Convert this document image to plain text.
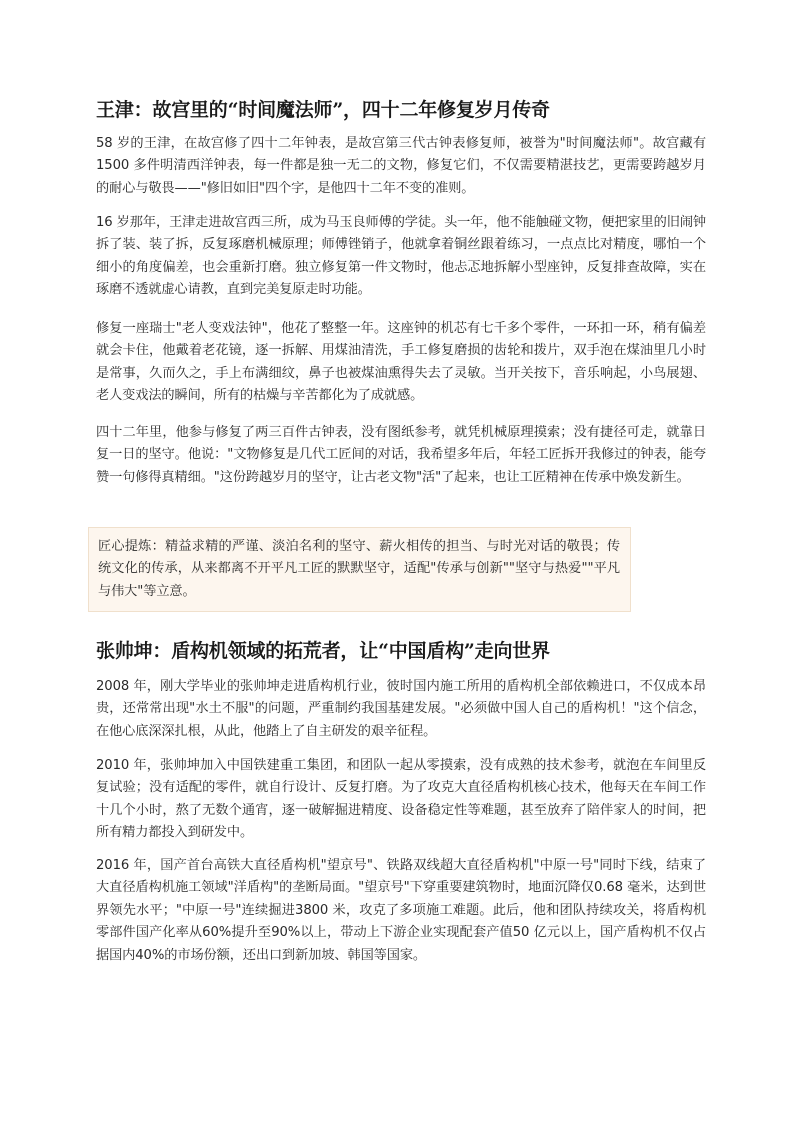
王津：故宫里的“时间魔法师”，四十二年修复岁月传奇

58 岁的王津，在故宫修了四十二年钟表，是故宫第三代古钟表修复师，被誉为"时间魔法师"。故宫藏有1500 多件明清西洋钟表，每一件都是独一无二的文物，修复它们，不仅需要精湛技艺，更需要跨越岁月的耐心与敬畏——"修旧如旧"四个字，是他四十二年不变的准则。

16 岁那年，王津走进故宫西三所，成为马玉良师傅的学徒。头一年，他不能触碰文物，便把家里的旧闹钟拆了装、装了拆，反复琢磨机械原理；师傅锉销子，他就拿着铜丝跟着练习，一点点比对精度，哪怕一个细小的角度偏差，也会重新打磨。独立修复第一件文物时，他忐忑地拆解小型座钟，反复排查故障，实在琢磨不透就虚心请教，直到完美复原走时功能。

修复一座瑞士"老人变戏法钟"，他花了整整一年。这座钟的机芯有七千多个零件，一环扣一环，稍有偏差就会卡住，他戴着老花镜，逐一拆解、用煤油清洗，手工修复磨损的齿轮和拨片，双手泡在煤油里几小时是常事，久而久之，手上布满细纹，鼻子也被煤油熏得失去了灵敏。当开关按下，音乐响起，小鸟展翅、老人变戏法的瞬间，所有的枯燥与辛苦都化为了成就感。

四十二年里，他参与修复了两三百件古钟表，没有图纸参考，就凭机械原理摸索；没有捷径可走，就靠日复一日的坚守。他说："文物修复是几代工匠间的对话，我希望多年后，年轻工匠拆开我修过的钟表，能夸赞一句修得真精细。"这份跨越岁月的坚守，让古老文物"活"了起来，也让工匠精神在传承中焕发新生。

匠心提炼：精益求精的严谨、淡泊名利的坚守、薪火相传的担当、与时光对话的敬畏；传统文化的传承，从来都离不开平凡工匠的默默坚守，适配"传承与创新""坚守与热爱""平凡与伟大"等立意。

张帅坤：盾构机领域的拓荒者，让“中国盾构”走向世界

2008 年，刚大学毕业的张帅坤走进盾构机行业，彼时国内施工所用的盾构机全部依赖进口，不仅成本昂贵，还常常出现"水土不服"的问题，严重制约我国基建发展。"必须做中国人自己的盾构机！"这个信念，在他心底深深扎根，从此，他踏上了自主研发的艰辛征程。

2010 年，张帅坤加入中国铁建重工集团，和团队一起从零摸索，没有成熟的技术参考，就泡在车间里反复试验；没有适配的零件，就自行设计、反复打磨。为了攻克大直径盾构机核心技术，他每天在车间工作十几个小时，熬了无数个通宵，逐一破解掘进精度、设备稳定性等难题，甚至放弃了陪伴家人的时间，把所有精力都投入到研发中。

2016 年，国产首台高铁大直径盾构机"望京号"、铁路双线超大直径盾构机"中原一号"同时下线，结束了大直径盾构机施工领域"洋盾构"的垄断局面。"望京号"下穿重要建筑物时，地面沉降仅0.68 毫米，达到世界领先水平；"中原一号"连续掘进3800 米，攻克了多项施工难题。此后，他和团队持续攻关，将盾构机零部件国产化率从60%提升至90%以上，带动上下游企业实现配套产值50 亿元以上，国产盾构机不仅占据国内40%的市场份额，还出口到新加坡、韩国等国家。
